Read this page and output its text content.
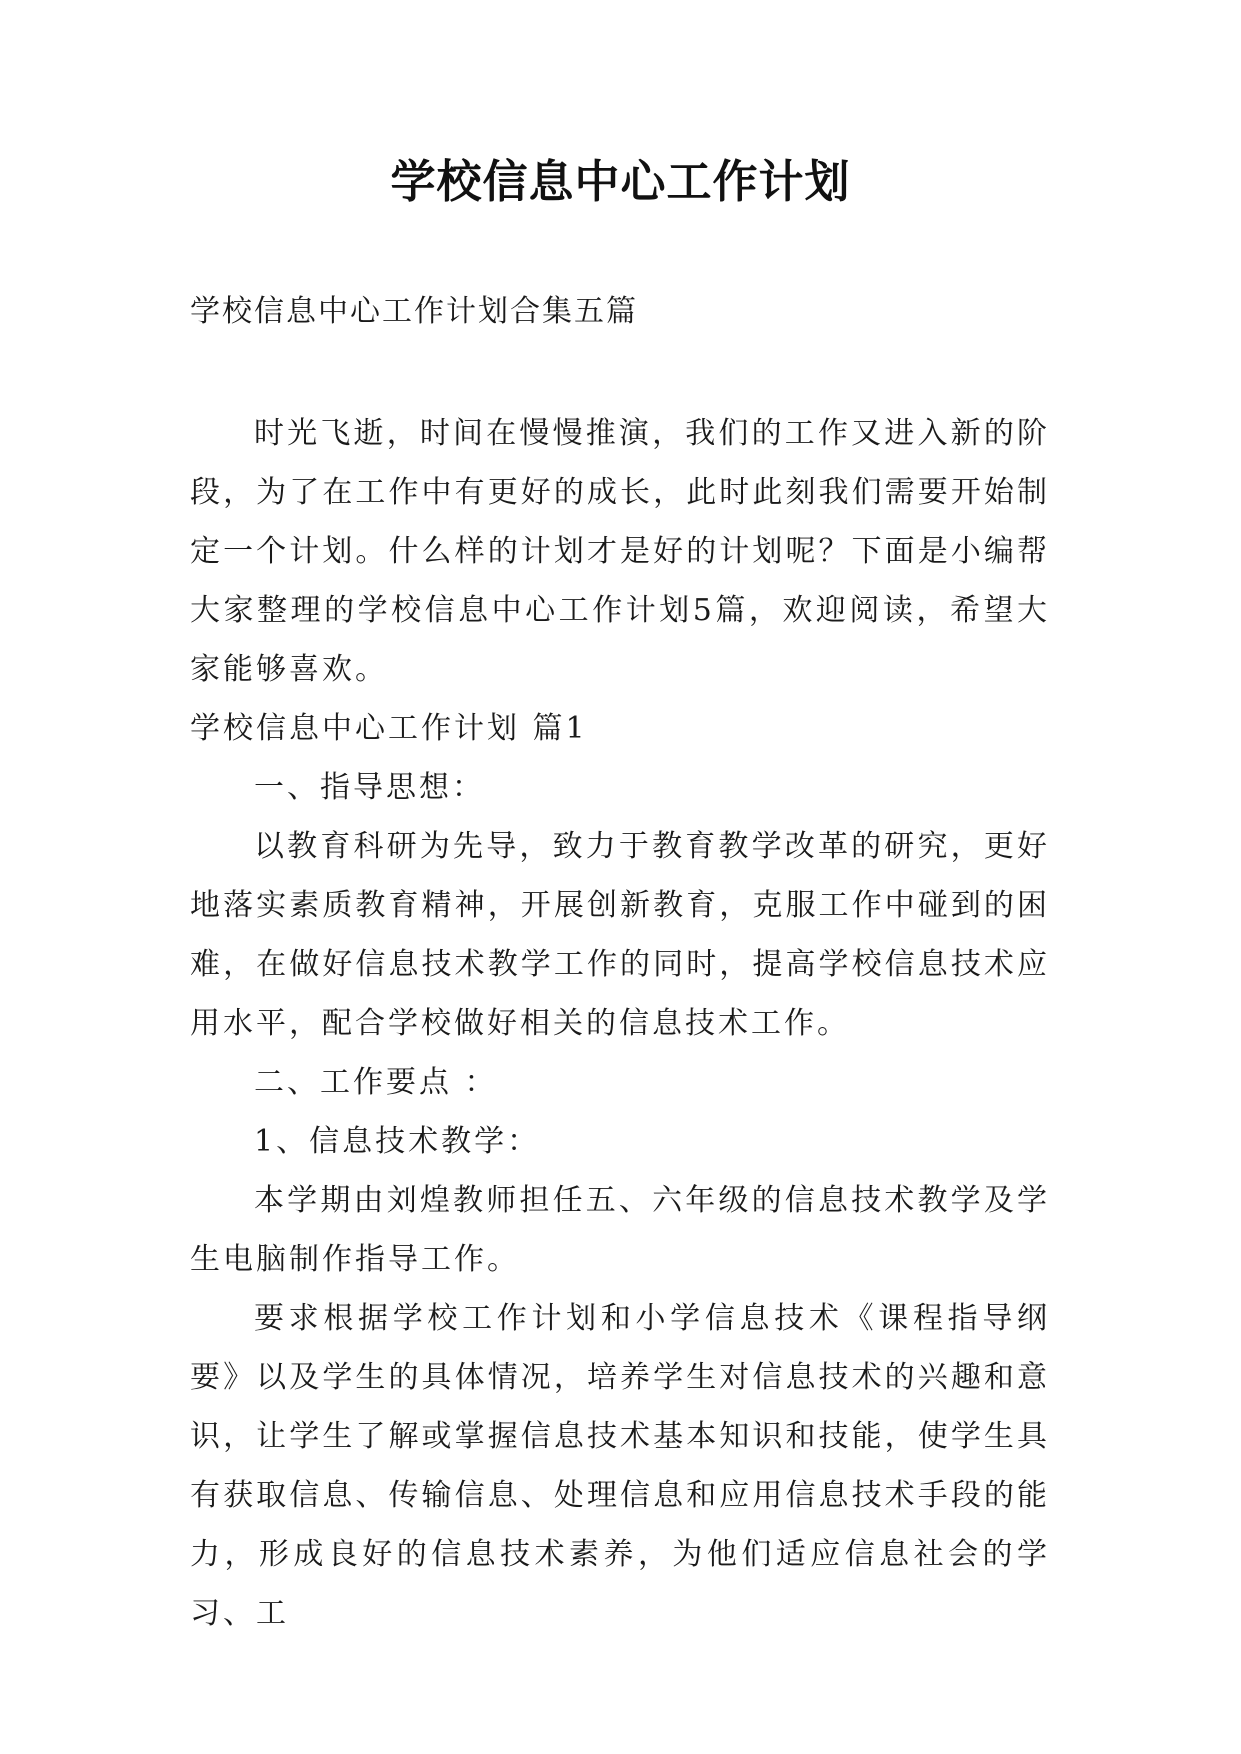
学校信息中心工作计划
学校信息中心工作计划合集五篇

时光飞逝，时间在慢慢推演，我们的工作又进入新的阶段，为了在工作中有更好的成长，此时此刻我们需要开始制定一个计划。什么样的计划才是好的计划呢？下面是小编帮大家整理的学校信息中心工作计划5篇，欢迎阅读，希望大家能够喜欢。

学校信息中心工作计划 篇1

一、指导思想：

以教育科研为先导，致力于教育教学改革的研究，更好地落实素质教育精神，开展创新教育，克服工作中碰到的困难，在做好信息技术教学工作的同时，提高学校信息技术应用水平，配合学校做好相关的信息技术工作。

二、工作要点 ：

1、信息技术教学：

本学期由刘煌教师担任五、六年级的信息技术教学及学生电脑制作指导工作。

要求根据学校工作计划和小学信息技术《课程指导纲要》以及学生的具体情况，培养学生对信息技术的兴趣和意识，让学生了解或掌握信息技术基本知识和技能，使学生具有获取信息、传输信息、处理信息和应用信息技术手段的能力，形成良好的信息技术素养，为他们适应信息社会的学习、工
